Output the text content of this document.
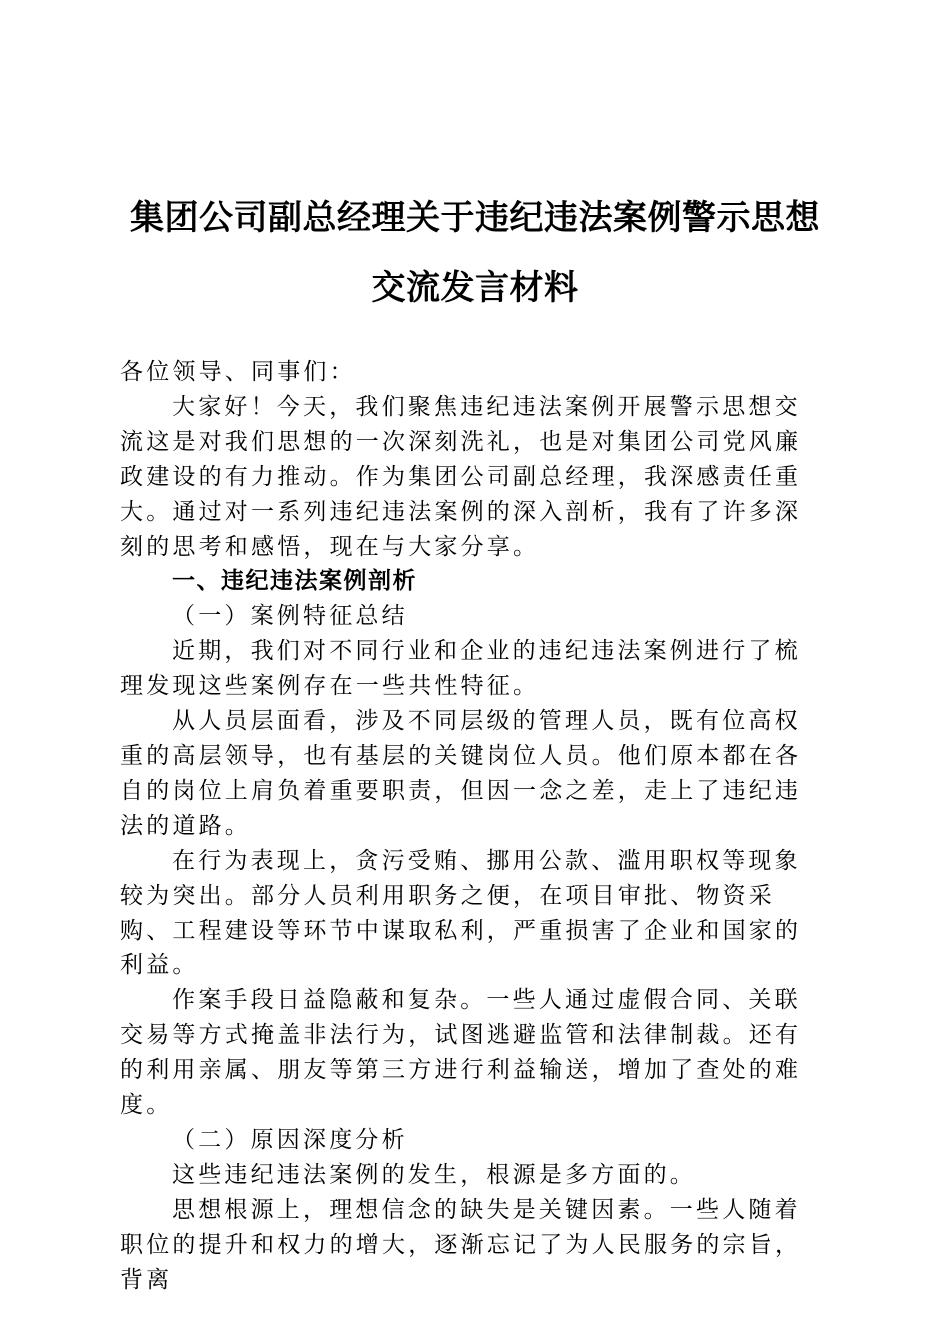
集团公司副总经理关于违纪违法案例警示思想
交流发言材料

各位领导、同事们：

大家好！今天，我们聚焦违纪违法案例开展警示思想交流这是对我们思想的一次深刻洗礼，也是对集团公司党风廉政建设的有力推动。作为集团公司副总经理，我深感责任重大。通过对一系列违纪违法案例的深入剖析，我有了许多深刻的思考和感悟，现在与大家分享。

一、违纪违法案例剖析

（一）案例特征总结

近期，我们对不同行业和企业的违纪违法案例进行了梳理发现这些案例存在一些共性特征。

从人员层面看，涉及不同层级的管理人员，既有位高权重的高层领导，也有基层的关键岗位人员。他们原本都在各自的岗位上肩负着重要职责，但因一念之差，走上了违纪违法的道路。

在行为表现上，贪污受贿、挪用公款、滥用职权等现象较为突出。部分人员利用职务之便，在项目审批、物资采购、工程建设等环节中谋取私利，严重损害了企业和国家的利益。

作案手段日益隐蔽和复杂。一些人通过虚假合同、关联交易等方式掩盖非法行为，试图逃避监管和法律制裁。还有的利用亲属、朋友等第三方进行利益输送，增加了查处的难度。

（二）原因深度分析

这些违纪违法案例的发生，根源是多方面的。

思想根源上，理想信念的缺失是关键因素。一些人随着职位的提升和权力的增大，逐渐忘记了为人民服务的宗旨，背离
